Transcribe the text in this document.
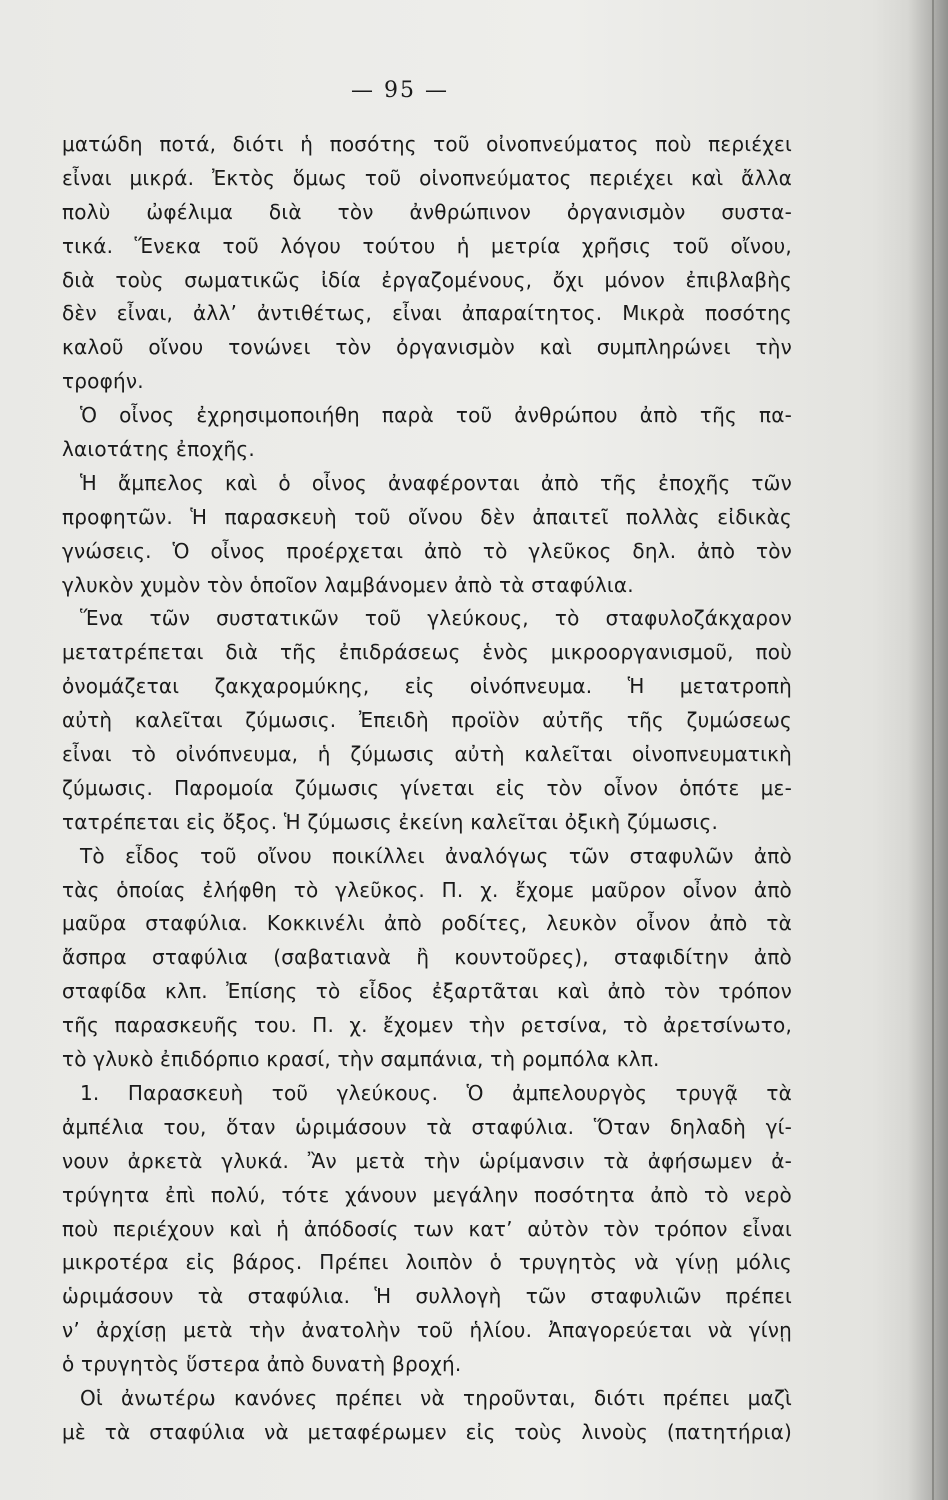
— 95 —
ματώδη ποτά, διότι ἡ ποσότης τοῦ οἰνοπνεύματος ποὺ περιέχει
εἶναι μικρά. Ἐκτὸς ὅμως τοῦ οἰνοπνεύματος περιέχει καὶ ἄλλα
πολὺ ὠφέλιμα διὰ τὸν ἀνθρώπινον ὀργανισμὸν συστα-
τικά. Ἕνεκα τοῦ λόγου τούτου ἡ μετρία χρῆσις τοῦ οἴνου,
διὰ τοὺς σωματικῶς ἰδία ἐργαζομένους, ὄχι μόνον ἐπιβλαβὴς
δὲν εἶναι, ἀλλ’ ἀντιθέτως, εἶναι ἀπαραίτητος. Μικρὰ ποσότης
καλοῦ οἴνου τονώνει τὸν ὀργανισμὸν καὶ συμπληρώνει τὴν
τροφήν.
Ὁ οἶνος ἐχρησιμοποιήθη παρὰ τοῦ ἀνθρώπου ἀπὸ τῆς πα-
λαιοτάτης ἐποχῆς.
Ἡ ἄμπελος καὶ ὁ οἶνος ἀναφέρονται ἀπὸ τῆς ἐποχῆς τῶν
προφητῶν. Ἡ παρασκευὴ τοῦ οἴνου δὲν ἀπαιτεῖ πολλὰς εἰδικὰς
γνώσεις. Ὁ οἶνος προέρχεται ἀπὸ τὸ γλεῦκος δηλ. ἀπὸ τὸν
γλυκὸν χυμὸν τὸν ὁποῖον λαμβάνομεν ἀπὸ τὰ σταφύλια.
Ἕνα τῶν συστατικῶν τοῦ γλεύκους, τὸ σταφυλοζάκχαρον
μετατρέπεται διὰ τῆς ἐπιδράσεως ἑνὸς μικροοργανισμοῦ, ποὺ
ὀνομάζεται ζακχαρομύκης, εἰς οἰνόπνευμα. Ἡ μετατροπὴ
αὐτὴ καλεῖται ζύμωσις. Ἐπειδὴ προϊὸν αὐτῆς τῆς ζυμώσεως
εἶναι τὸ οἰνόπνευμα, ἡ ζύμωσις αὐτὴ καλεῖται οἰνοπνευματικὴ
ζύμωσις. Παρομοία ζύμωσις γίνεται εἰς τὸν οἶνον ὁπότε με-
τατρέπεται εἰς ὄξος. Ἡ ζύμωσις ἐκείνη καλεῖται ὀξικὴ ζύμωσις.
Τὸ εἶδος τοῦ οἴνου ποικίλλει ἀναλόγως τῶν σταφυλῶν ἀπὸ
τὰς ὁποίας ἐλήφθη τὸ γλεῦκος. Π. χ. ἔχομε μαῦρον οἶνον ἀπὸ
μαῦρα σταφύλια. Κοκκινέλι ἀπὸ ροδίτες, λευκὸν οἶνον ἀπὸ τὰ
ἄσπρα σταφύλια (σαβατιανὰ ἢ κουντοῦρες), σταφιδίτην ἀπὸ
σταφίδα κλπ. Ἐπίσης τὸ εἶδος ἐξαρτᾶται καὶ ἀπὸ τὸν τρόπον
τῆς παρασκευῆς του. Π. χ. ἔχομεν τὴν ρετσίνα, τὸ ἀρετσίνωτο,
τὸ γλυκὸ ἐπιδόρπιο κρασί, τὴν σαμπάνια, τὴ ρομπόλα κλπ.
1. Παρασκευὴ τοῦ γλεύκους. Ὁ ἀμπελουργὸς τρυγᾷ τὰ
ἀμπέλια του, ὅταν ὡριμάσουν τὰ σταφύλια. Ὅταν δηλαδὴ γί-
νουν ἀρκετὰ γλυκά. Ἂν μετὰ τὴν ὡρίμανσιν τὰ ἀφήσωμεν ἀ-
τρύγητα ἐπὶ πολύ, τότε χάνουν μεγάλην ποσότητα ἀπὸ τὸ νερὸ
ποὺ περιέχουν καὶ ἡ ἀπόδοσίς των κατ’ αὐτὸν τὸν τρόπον εἶναι
μικροτέρα εἰς βάρος. Πρέπει λοιπὸν ὁ τρυγητὸς νὰ γίνῃ μόλις
ὡριμάσουν τὰ σταφύλια. Ἡ συλλογὴ τῶν σταφυλιῶν πρέπει
ν’ ἀρχίσῃ μετὰ τὴν ἀνατολὴν τοῦ ἡλίου. Ἀπαγορεύεται νὰ γίνῃ
ὁ τρυγητὸς ὕστερα ἀπὸ δυνατὴ βροχή.
Οἱ ἀνωτέρω κανόνες πρέπει νὰ τηροῦνται, διότι πρέπει μαζὶ
μὲ τὰ σταφύλια νὰ μεταφέρωμεν εἰς τοὺς λινοὺς (πατητήρια)
